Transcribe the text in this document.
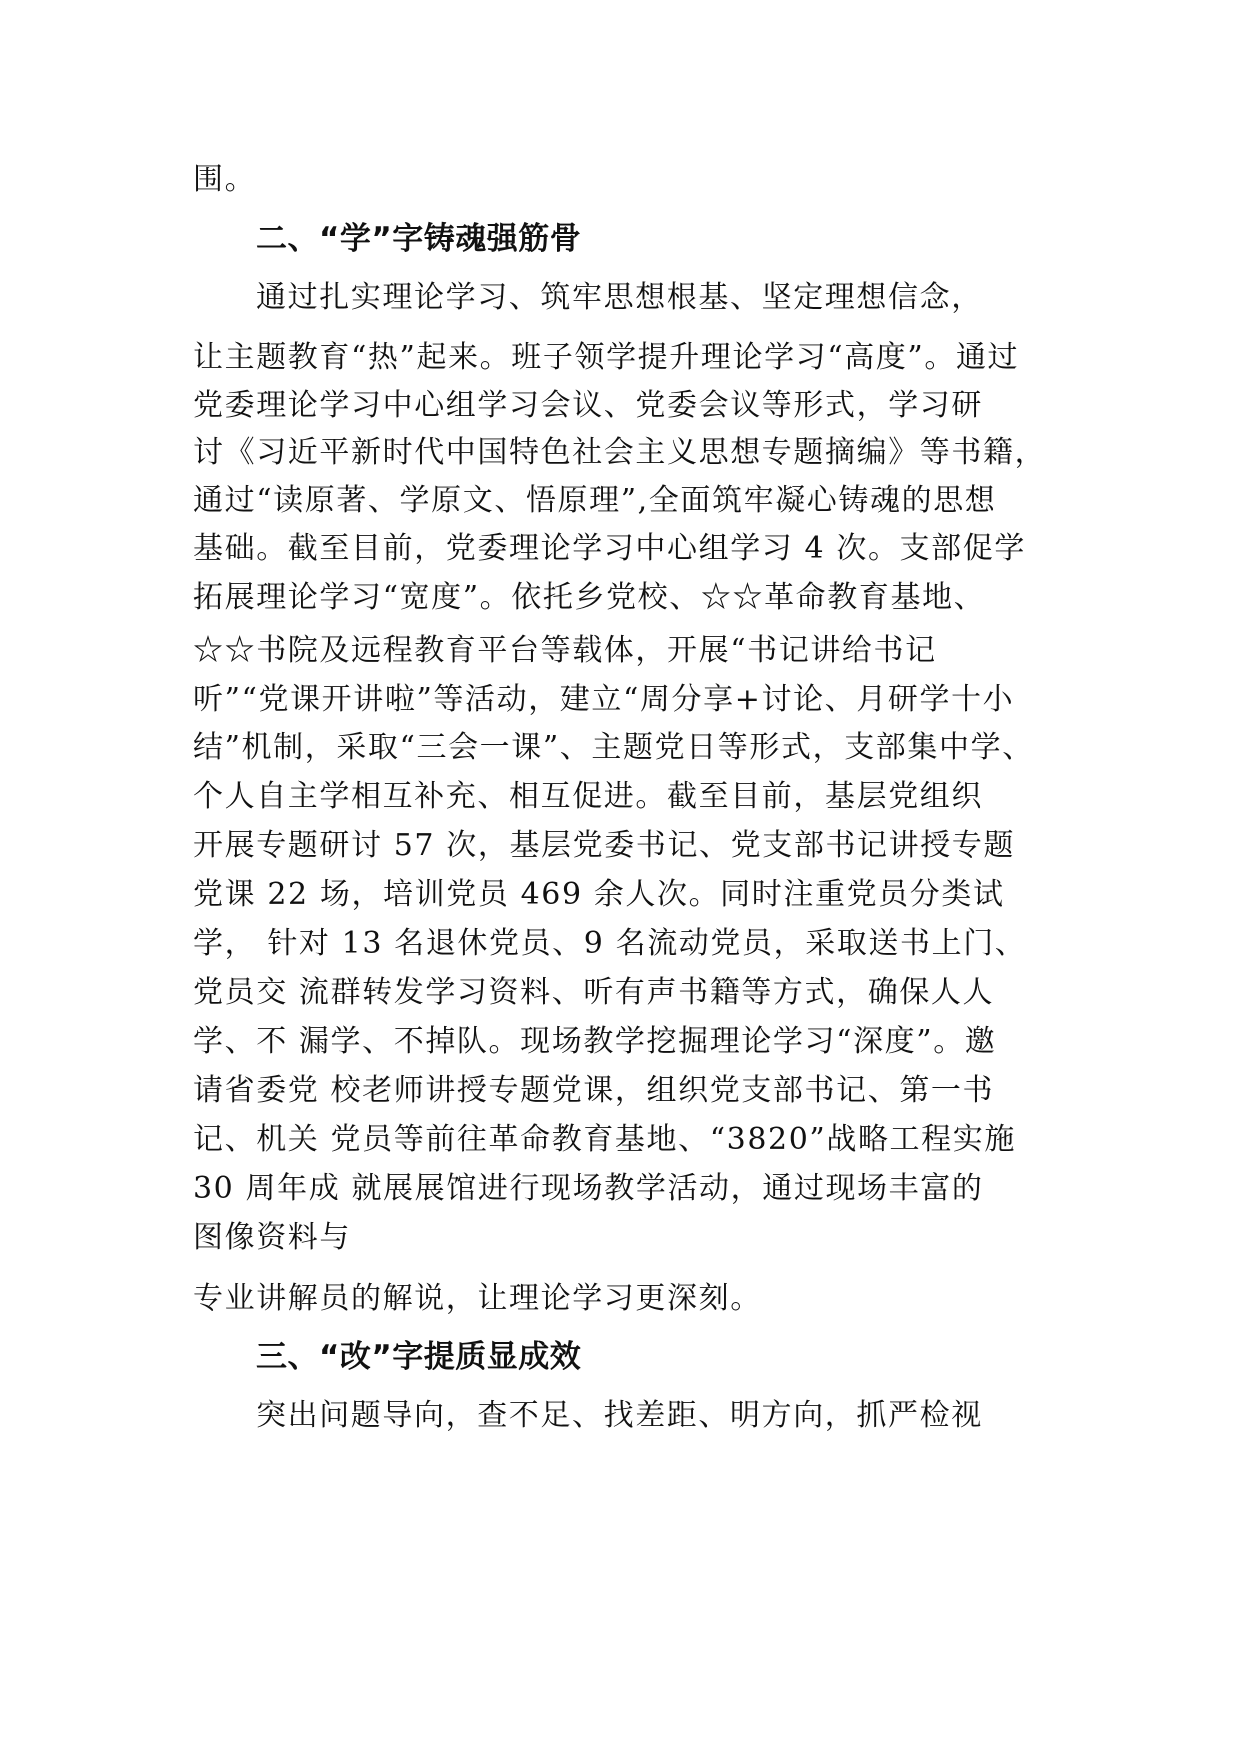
围。
二、“学”字铸魂强筋骨
通过扎实理论学习、筑牢思想根基、坚定理想信念，
让主题教育“热”起来。班子领学提升理论学习“高度”。通过
党委理论学习中心组学习会议、党委会议等形式，学习研
讨《习近平新时代中国特色社会主义思想专题摘编》等书籍，
通过“读原著、学原文、悟原理”,全面筑牢凝心铸魂的思想
基础。截至目前，党委理论学习中心组学习 4 次。支部促学
拓展理论学习“宽度”。依托乡党校、☆☆革命教育基地、
☆☆书院及远程教育平台等载体，开展“书记讲给书记
听”“党课开讲啦”等活动，建立“周分享+讨论、月研学十小
结”机制，采取“三会一课”、主题党日等形式，支部集中学、
个人自主学相互补充、相互促进。截至目前，基层党组织
开展专题研讨 57 次，基层党委书记、党支部书记讲授专题
党课 22 场，培训党员 469 余人次。同时注重党员分类试
学， 针对 13 名退休党员、9 名流动党员，采取送书上门、
党员交 流群转发学习资料、听有声书籍等方式，确保人人
学、不 漏学、不掉队。现场教学挖掘理论学习“深度”。邀
请省委党 校老师讲授专题党课，组织党支部书记、第一书
记、机关 党员等前往革命教育基地、“3820”战略工程实施
30 周年成 就展展馆进行现场教学活动，通过现场丰富的
图像资料与
专业讲解员的解说，让理论学习更深刻。
三、“改”字提质显成效
突出问题导向，查不足、找差距、明方向，抓严检视
